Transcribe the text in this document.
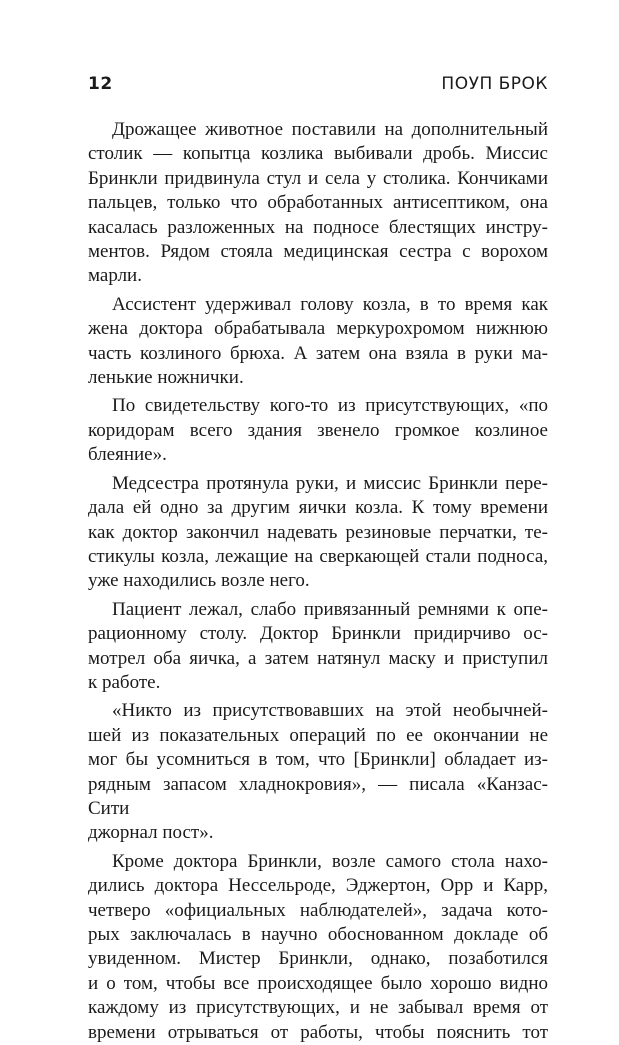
12	ПОУП БРОК

Дрожащее животное поставили на дополнительный
столик — копытца козлика выбивали дробь. Миссис
Бринкли придвинула стул и села у столика. Кончиками
пальцев, только что обработанных антисептиком, она
касалась разложенных на подносе блестящих инстру-
ментов. Рядом стояла медицинская сестра с ворохом
марли.

Ассистент удерживал голову козла, в то время как
жена доктора обрабатывала меркурохромом нижнюю
часть козлиного брюха. А затем она взяла в руки ма-
ленькие ножнички.

По свидетельству кого-то из присутствующих, «по
коридорам всего здания звенело громкое козлиное
блеяние».

Медсестра протянула руки, и миссис Бринкли пере-
дала ей одно за другим яички козла. К тому времени
как доктор закончил надевать резиновые перчатки, те-
стикулы козла, лежащие на сверкающей стали подноса,
уже находились возле него.

Пациент лежал, слабо привязанный ремнями к опе-
рационному столу. Доктор Бринкли придирчиво ос-
мотрел оба яичка, а затем натянул маску и приступил
к работе.

«Никто из присутствовавших на этой необычней-
шей из показательных операций по ее окончании не
мог бы усомниться в том, что [Бринкли] обладает из-
рядным запасом хладнокровия», — писала «Канзас-Сити
джорнал пост».

Кроме доктора Бринкли, возле самого стола нахо-
дились доктора Нессельроде, Эджертон, Орр и Карр,
четверо «официальных наблюдателей», задача кото-
рых заключалась в научно обоснованном докладе об
увиденном. Мистер Бринкли, однако, позаботился
и о том, чтобы все происходящее было хорошо видно
каждому из присутствующих, и не забывал время от
времени отрываться от работы, чтобы пояснить тот
